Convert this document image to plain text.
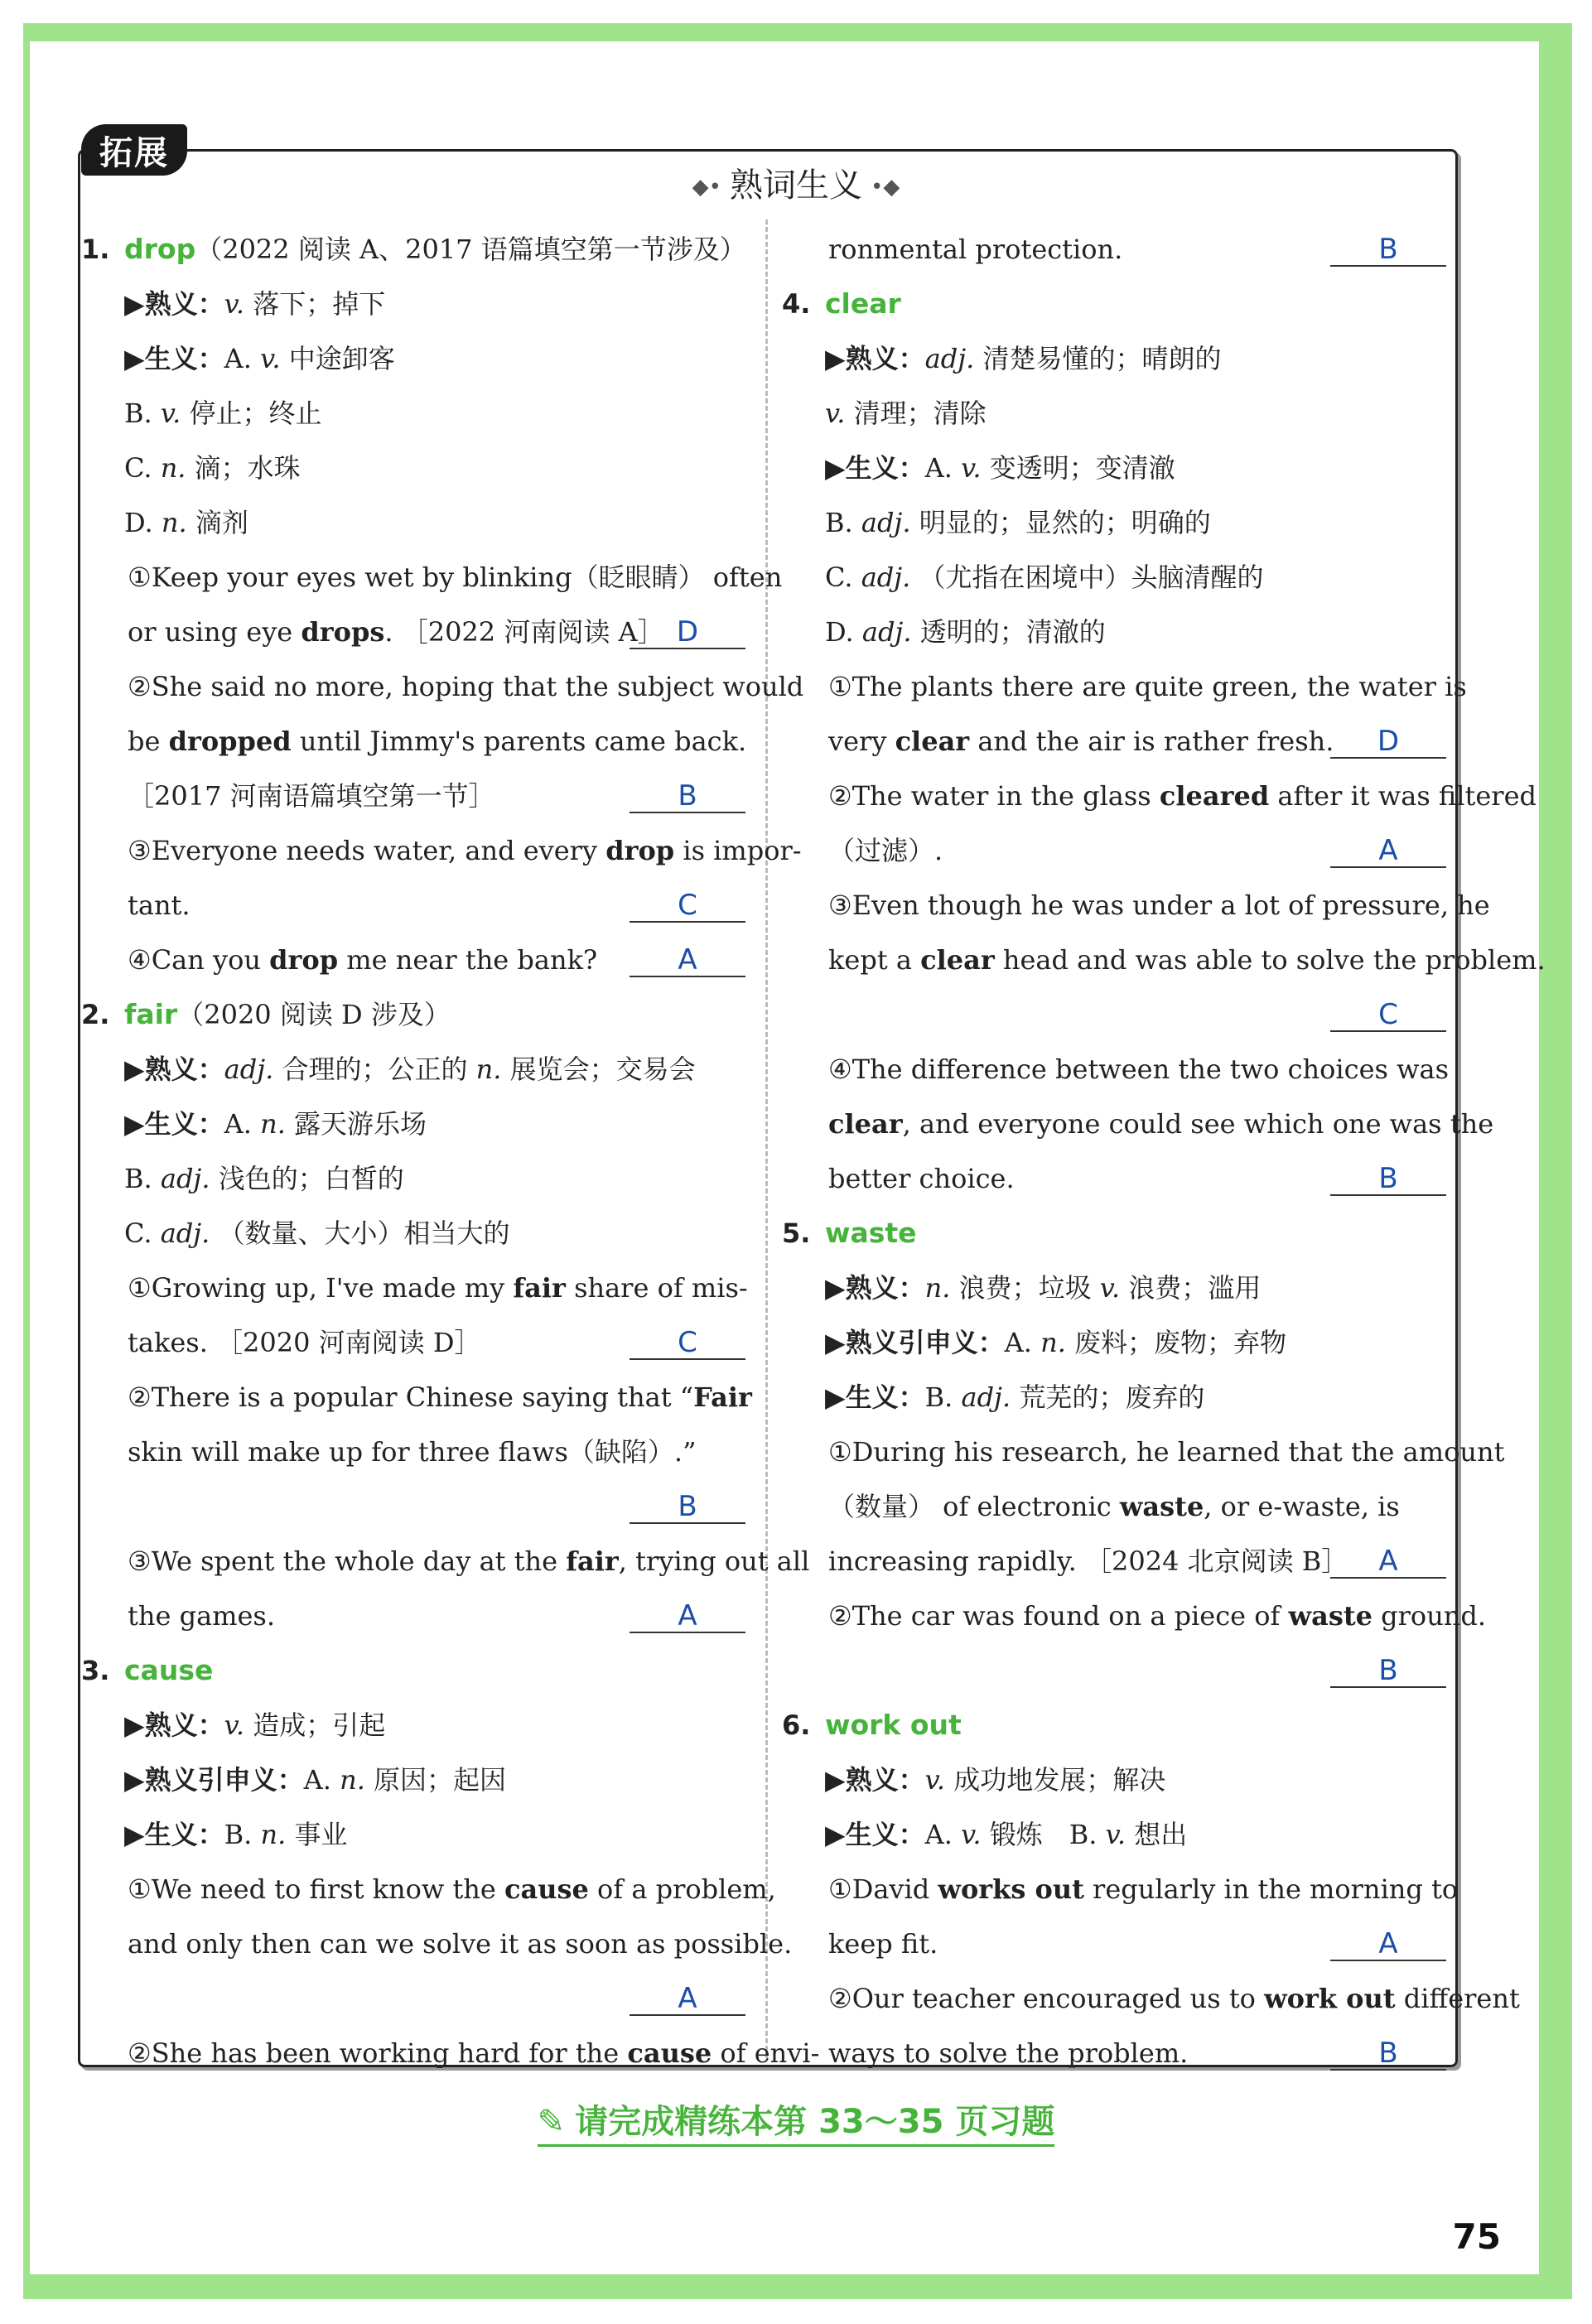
拓展
◆• 熟词生义 •◆
1. drop（2022 阅读 A、2017 语篇填空第一节涉及）
▶熟义：v. 落下；掉下
▶生义：A. v. 中途卸客
B. v. 停止；终止
C. n. 滴；水珠
D. n. 滴剂
①Keep your eyes wet by blinking（眨眼睛） often
or using eye drops. ［2022 河南阅读 A］ D
②She said no more, hoping that the subject would
be dropped until Jimmy's parents came back.
［2017 河南语篇填空第一节］	B
③Everyone needs water, and every drop is impor-
tant.	C
④Can you drop me near the bank?	A
2. fair（2020 阅读 D 涉及）
▶熟义：adj. 合理的；公正的 n. 展览会；交易会
▶生义：A. n. 露天游乐场
B. adj. 浅色的；白皙的
C. adj. （数量、大小）相当大的
①Growing up, I've made my fair share of mis-
takes. ［2020 河南阅读 D］	C
②There is a popular Chinese saying that “Fair
skin will make up for three flaws（缺陷）.”
B
③We spent the whole day at the fair, trying out all
the games.	A
3. cause
▶熟义：v. 造成；引起
▶熟义引申义：A. n. 原因；起因
▶生义：B. n. 事业
①We need to first know the cause of a problem,
and only then can we solve it as soon as possible.
A
②She has been working hard for the cause of envi-
ronmental protection.	B
4. clear
▶熟义：adj. 清楚易懂的；晴朗的
v. 清理；清除
▶生义：A. v. 变透明；变清澈
B. adj. 明显的；显然的；明确的
C. adj. （尤指在困境中）头脑清醒的
D. adj. 透明的；清澈的
①The plants there are quite green, the water is
very clear and the air is rather fresh.	D
②The water in the glass cleared after it was filtered
（过滤）.	A
③Even though he was under a lot of pressure, he
kept a clear head and was able to solve the problem.
C
④The difference between the two choices was
clear, and everyone could see which one was the
better choice.	B
5. waste
▶熟义：n. 浪费；垃圾 v. 浪费；滥用
▶熟义引申义：A. n. 废料；废物；弃物
▶生义：B. adj. 荒芜的；废弃的
①During his research, he learned that the amount
（数量） of electronic waste, or e-waste, is
increasing rapidly. ［2024 北京阅读 B］	A
②The car was found on a piece of waste ground.
B
6. work out
▶熟义：v. 成功地发展；解决
▶生义：A. v. 锻炼　B. v. 想出
①David works out regularly in the morning to
keep fit.	A
②Our teacher encouraged us to work out different
ways to solve the problem.	B
✎ 请完成精练本第 33～35 页习题
75
